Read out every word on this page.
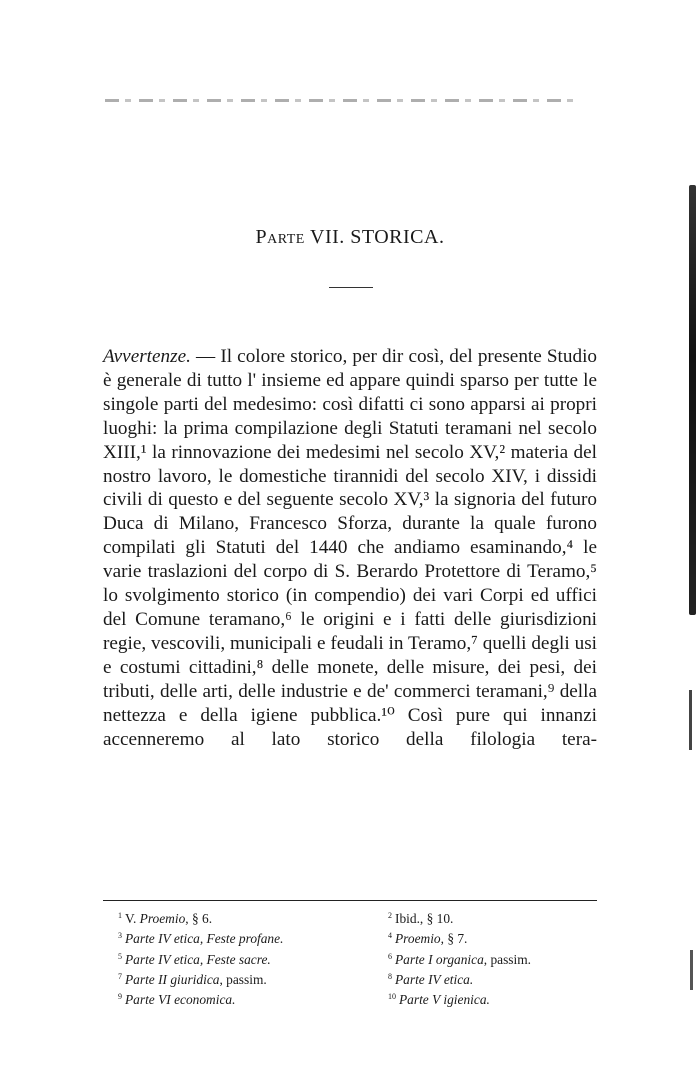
Parte VII. STORICA.
Avvertenze. — Il colore storico, per dir così, del presente Studio è generale di tutto l' insieme ed appare quindi sparso per tutte le singole parti del medesimo: così difatti ci sono apparsi ai propri luoghi: la prima compilazione degli Statuti teramani nel secolo XIII,¹ la rinnovazione dei medesimi nel secolo XV,² materia del nostro lavoro, le domestiche tirannidi del secolo XIV, i dissidi civili di questo e del seguente secolo XV,³ la signoria del futuro Duca di Milano, Francesco Sforza, durante la quale furono compilati gli Statuti del 1440 che andiamo esaminando,⁴ le varie traslazioni del corpo di S. Berardo Protettore di Teramo,⁵ lo svolgimento storico (in compendio) dei vari Corpi ed uffici del Comune teramano,⁶ le origini e i fatti delle giurisdizioni regie, vescovili, municipali e feudali in Teramo,⁷ quelli degli usi e costumi cittadini,⁸ delle monete, delle misure, dei pesi, dei tributi, delle arti, delle industrie e de' commerci teramani,⁹ della nettezza e della igiene pubblica.¹⁰ Così pure qui innanzi accenneremo al lato storico della filologia tera-
$^1$ V. Proemio, § 6.	$^2$ Ibid., § 10.
$^3$ Parte IV etica, Feste profane.	$^4$ Proemio, § 7.
$^5$ Parte IV etica, Feste sacre.	$^6$ Parte I organica, passim.
$^7$ Parte II giuridica, passim.	$^8$ Parte IV etica.
$^9$ Parte VI economica.	$^{10}$ Parte V igienica.
